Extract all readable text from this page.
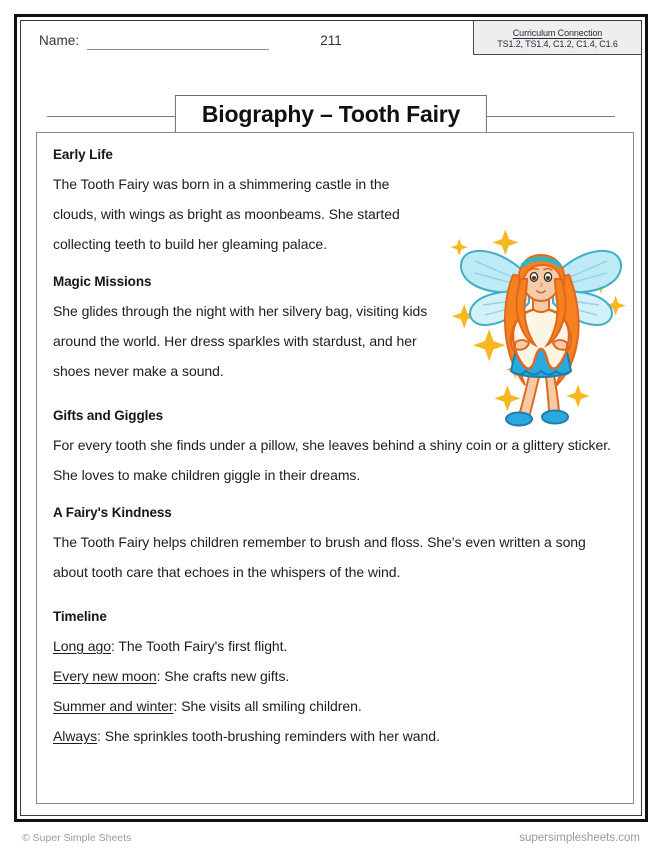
Name:	211
Curriculum Connection
TS1.2, TS1.4, C1.2, C1.4, C1.6
Biography – Tooth Fairy
Early Life
The Tooth Fairy was born in a shimmering castle in the clouds, with wings as bright as moonbeams. She started collecting teeth to build her gleaming palace.
Magic Missions
She glides through the night with her silvery bag, visiting kids around the world. Her dress sparkles with stardust, and her shoes never make a sound.
Gifts and Giggles
For every tooth she finds under a pillow, she leaves behind a shiny coin or a glittery sticker. She loves to make children giggle in their dreams.
A Fairy's Kindness
The Tooth Fairy helps children remember to brush and floss. She's even written a song about tooth care that echoes in the whispers of the wind.
Timeline
Long ago: The Tooth Fairy's first flight.
Every new moon: She crafts new gifts.
Summer and winter: She visits all smiling children.
Always: She sprinkles tooth-brushing reminders with her wand.
© Super Simple Sheets	supersimplesheets.com
